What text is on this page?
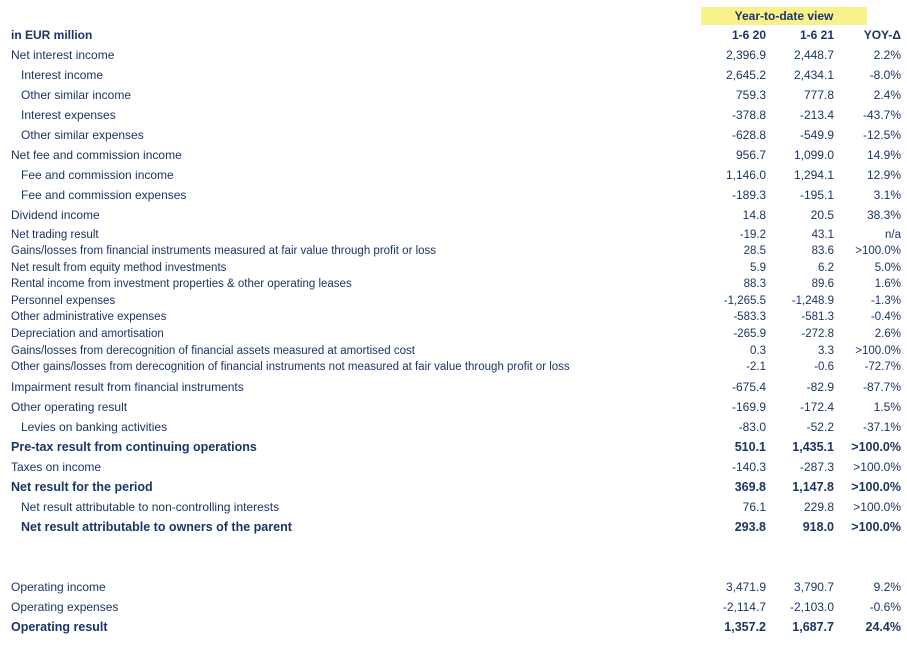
Year-to-date view
in EUR million	1-6 20	1-6 21	YOY-Δ
Net interest income	2,396.9	2,448.7	2.2%
Interest income	2,645.2	2,434.1	-8.0%
Other similar income	759.3	777.8	2.4%
Interest expenses	-378.8	-213.4	-43.7%
Other similar expenses	-628.8	-549.9	-12.5%
Net fee and commission income	956.7	1,099.0	14.9%
Fee and commission income	1,146.0	1,294.1	12.9%
Fee and commission expenses	-189.3	-195.1	3.1%
Dividend income	14.8	20.5	38.3%
Net trading result	-19.2	43.1	n/a
Gains/losses from financial instruments measured at fair value through profit or loss	28.5	83.6	>100.0%
Net result from equity method investments	5.9	6.2	5.0%
Rental income from investment properties & other operating leases	88.3	89.6	1.6%
Personnel expenses	-1,265.5	-1,248.9	-1.3%
Other administrative expenses	-583.3	-581.3	-0.4%
Depreciation and amortisation	-265.9	-272.8	2.6%
Gains/losses from derecognition of financial assets measured at amortised cost	0.3	3.3	>100.0%
Other gains/losses from derecognition of financial instruments not measured at fair value through profit or loss	-2.1	-0.6	-72.7%
Impairment result from financial instruments	-675.4	-82.9	-87.7%
Other operating result	-169.9	-172.4	1.5%
Levies on banking activities	-83.0	-52.2	-37.1%
Pre-tax result from continuing operations	510.1	1,435.1	>100.0%
Taxes on income	-140.3	-287.3	>100.0%
Net result for the period	369.8	1,147.8	>100.0%
Net result attributable to non-controlling interests	76.1	229.8	>100.0%
Net result attributable to owners of the parent	293.8	918.0	>100.0%
Operating income	3,471.9	3,790.7	9.2%
Operating expenses	-2,114.7	-2,103.0	-0.6%
Operating result	1,357.2	1,687.7	24.4%
